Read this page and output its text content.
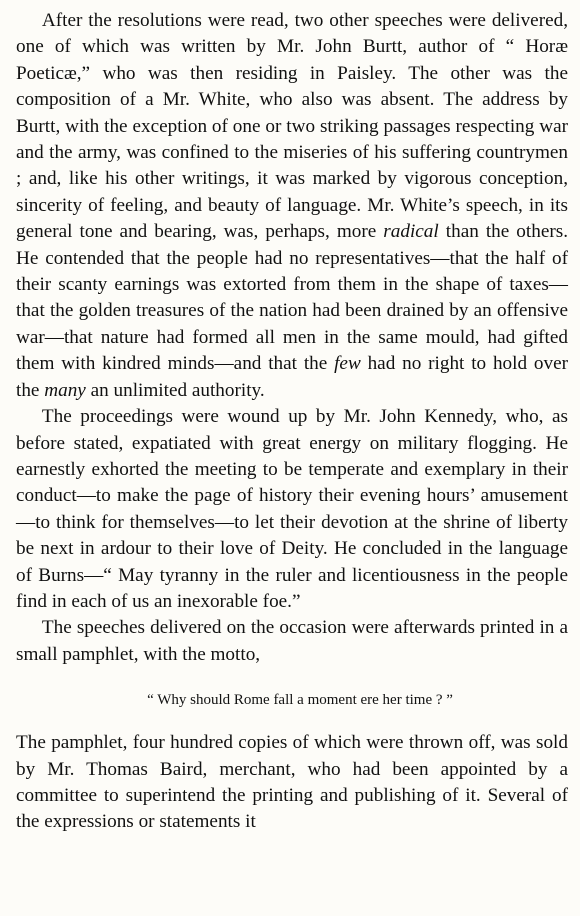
After the resolutions were read, two other speeches were delivered, one of which was written by Mr. John Burtt, author of “ Horæ Poeticæ,” who was then residing in Paisley. The other was the composition of a Mr. White, who also was absent. The address by Burtt, with the exception of one or two striking passages respecting war and the army, was confined to the miseries of his suffering countrymen ; and, like his other writings, it was marked by vigorous conception, sincerity of feeling, and beauty of language. Mr. White’s speech, in its general tone and bearing, was, perhaps, more radical than the others. He contended that the people had no representatives—that the half of their scanty earnings was extorted from them in the shape of taxes—that the golden treasures of the nation had been drained by an offensive war—that nature had formed all men in the same mould, had gifted them with kindred minds—and that the few had no right to hold over the many an unlimited authority.

The proceedings were wound up by Mr. John Kennedy, who, as before stated, expatiated with great energy on military flogging. He earnestly exhorted the meeting to be temperate and exemplary in their conduct—to make the page of history their evening hours’ amusement—to think for themselves—to let their devotion at the shrine of liberty be next in ardour to their love of Deity. He concluded in the language of Burns—“ May tyranny in the ruler and licentiousness in the people find in each of us an inexorable foe.”

The speeches delivered on the occasion were afterwards printed in a small pamphlet, with the motto,

“ Why should Rome fall a moment ere her time ? ”

The pamphlet, four hundred copies of which were thrown off, was sold by Mr. Thomas Baird, merchant, who had been appointed by a committee to superintend the printing and publishing of it. Several of the expressions or statements it
